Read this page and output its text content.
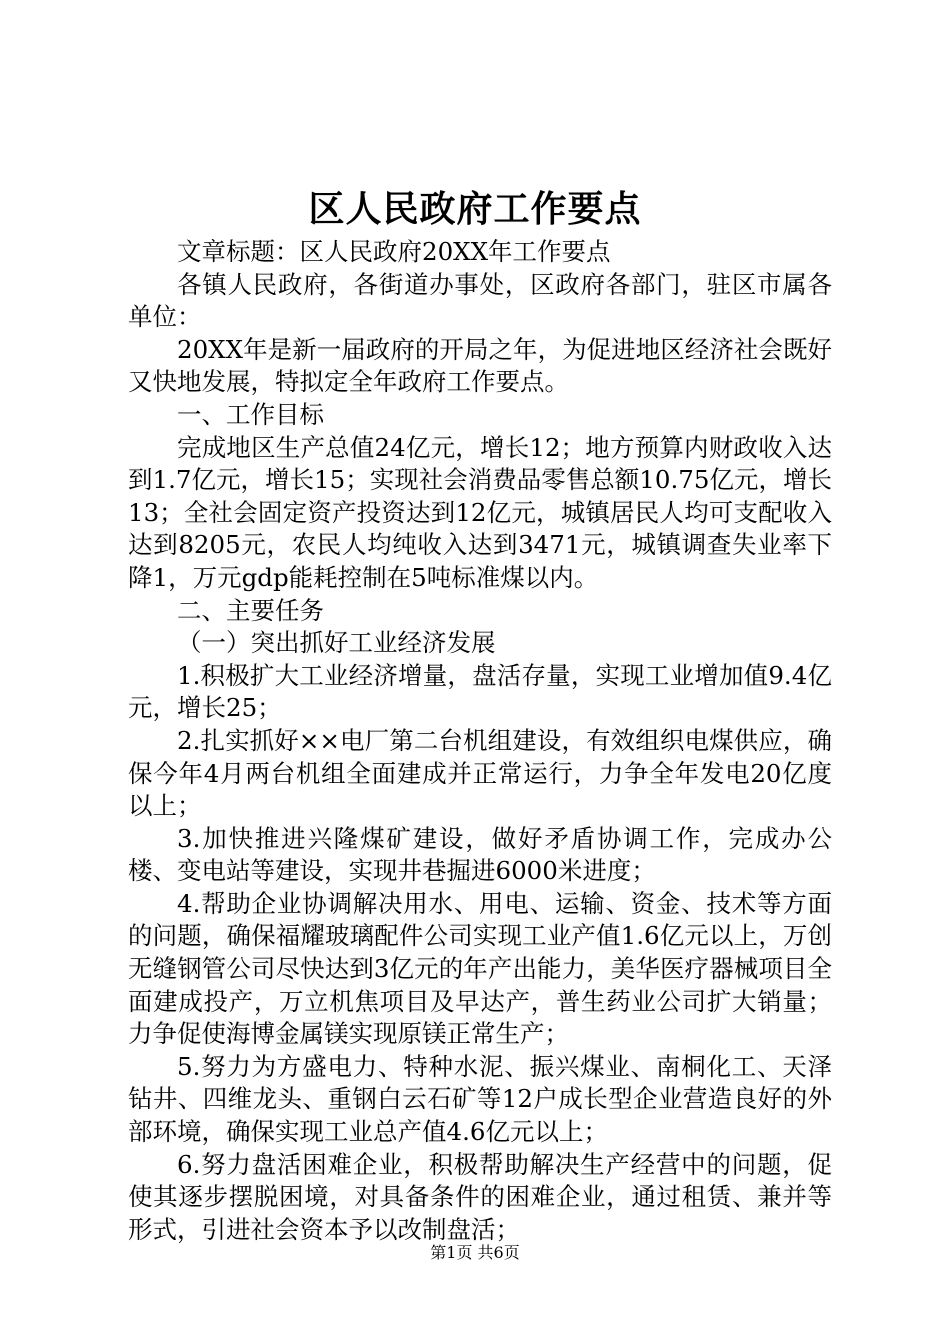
区人民政府工作要点

文章标题：区人民政府20XX年工作要点

各镇人民政府，各街道办事处，区政府各部门，驻区市属各单位：

20XX年是新一届政府的开局之年，为促进地区经济社会既好又快地发展，特拟定全年政府工作要点。

一、工作目标

完成地区生产总值24亿元，增长12；地方预算内财政收入达到1.7亿元，增长15；实现社会消费品零售总额10.75亿元，增长13；全社会固定资产投资达到12亿元，城镇居民人均可支配收入达到8205元，农民人均纯收入达到3471元，城镇调查失业率下降1，万元gdp能耗控制在5吨标准煤以内。

二、主要任务

（一）突出抓好工业经济发展

1.积极扩大工业经济增量，盘活存量，实现工业增加值9.4亿元，增长25；

2.扎实抓好××电厂第二台机组建设，有效组织电煤供应，确保今年4月两台机组全面建成并正常运行，力争全年发电20亿度以上；

3.加快推进兴隆煤矿建设，做好矛盾协调工作，完成办公楼、变电站等建设，实现井巷掘进6000米进度；

4.帮助企业协调解决用水、用电、运输、资金、技术等方面的问题，确保福耀玻璃配件公司实现工业产值1.6亿元以上，万创无缝钢管公司尽快达到3亿元的年产出能力，美华医疗器械项目全面建成投产，万立机焦项目及早达产，普生药业公司扩大销量；力争促使海博金属镁实现原镁正常生产；

5.努力为方盛电力、特种水泥、振兴煤业、南桐化工、天泽钻井、四维龙头、重钢白云石矿等12户成长型企业营造良好的外部环境，确保实现工业总产值4.6亿元以上；

6.努力盘活困难企业，积极帮助解决生产经营中的问题，促使其逐步摆脱困境，对具备条件的困难企业，通过租赁、兼并等形式，引进社会资本予以改制盘活；

第1页 共6页
